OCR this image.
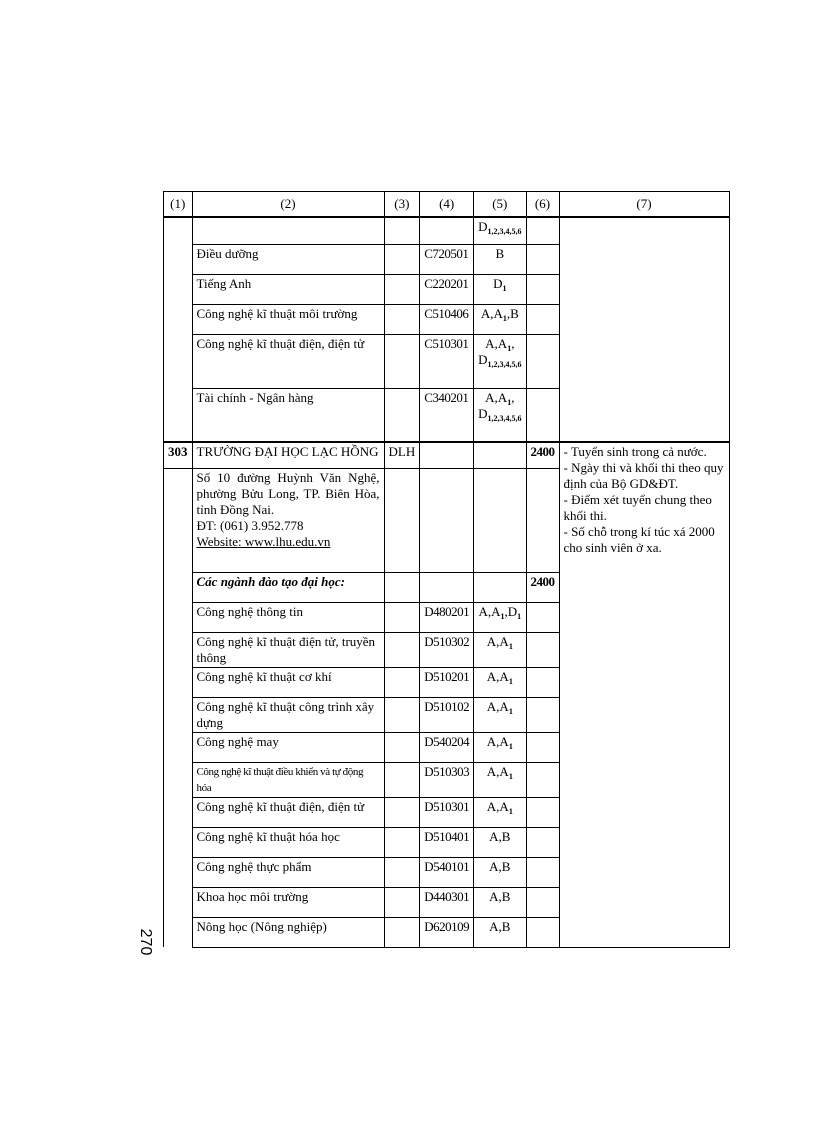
(1)	(2)	(3)	(4)	(5)	(6)	(7)
				$D_{1,2,3,4,5,6}$		
	Điều dưỡng		C720501	B		
	Tiếng Anh		C220201	$D_1$	
	Công nghệ kĩ thuật môi trường		C510406	$A,A_1,B$		
	Công nghệ kĩ thuật điện, điện tử		C510301	$A,A_1$,
$D_{1,2,3,4,5,6}$	
	Tài chính - Ngân hàng		C340201	$A,A_1$,
$D_{1,2,3,4,5,6}$	
303	TRƯỜNG ĐẠI HỌC LẠC HỒNG	DLH			2400	- Tuyển sinh trong cả nước.

- Ngày thi và khối thi theo quy định của Bộ GD&ĐT.

- Điểm xét tuyển chung theo khối thi.

- Số chỗ trong kí túc xá 2000 cho sinh viên ở xa.

	Số 10 đường Huỳnh Văn Nghệ, phường Bửu Long, TP. Biên Hòa, tỉnh Đồng Nai.
ĐT: (061) 3.952.778
Website: www.lhu.edu.vn					
	Các ngành đào tạo đại học:				2400	
	Công nghệ thông tin		D480201	$A,A_1,D_1$	
	Công nghệ kĩ thuật điện tử, truyền thông		D510302	$A,A_1$	
	Công nghệ kĩ thuật cơ khí		D510201	$A,A_1$	
	Công nghệ kĩ thuật công trình xây dựng		D510102	$A,A_1$	
	Công nghệ may		D540204	$A,A_1$	
	Công nghệ kĩ thuật điều khiển và tự động hóa		D510303	$A,A_1$	
	Công nghệ kĩ thuật điện, điện tử		D510301	$A,A_1$	
	Công nghệ kĩ thuật hóa học		D510401	A,B		
	Công nghệ thực phẩm		D540101	A,B		
	Khoa học môi trường		D440301	A,B		
	Nông học (Nông nghiệp)		D620109	A,B		
270
